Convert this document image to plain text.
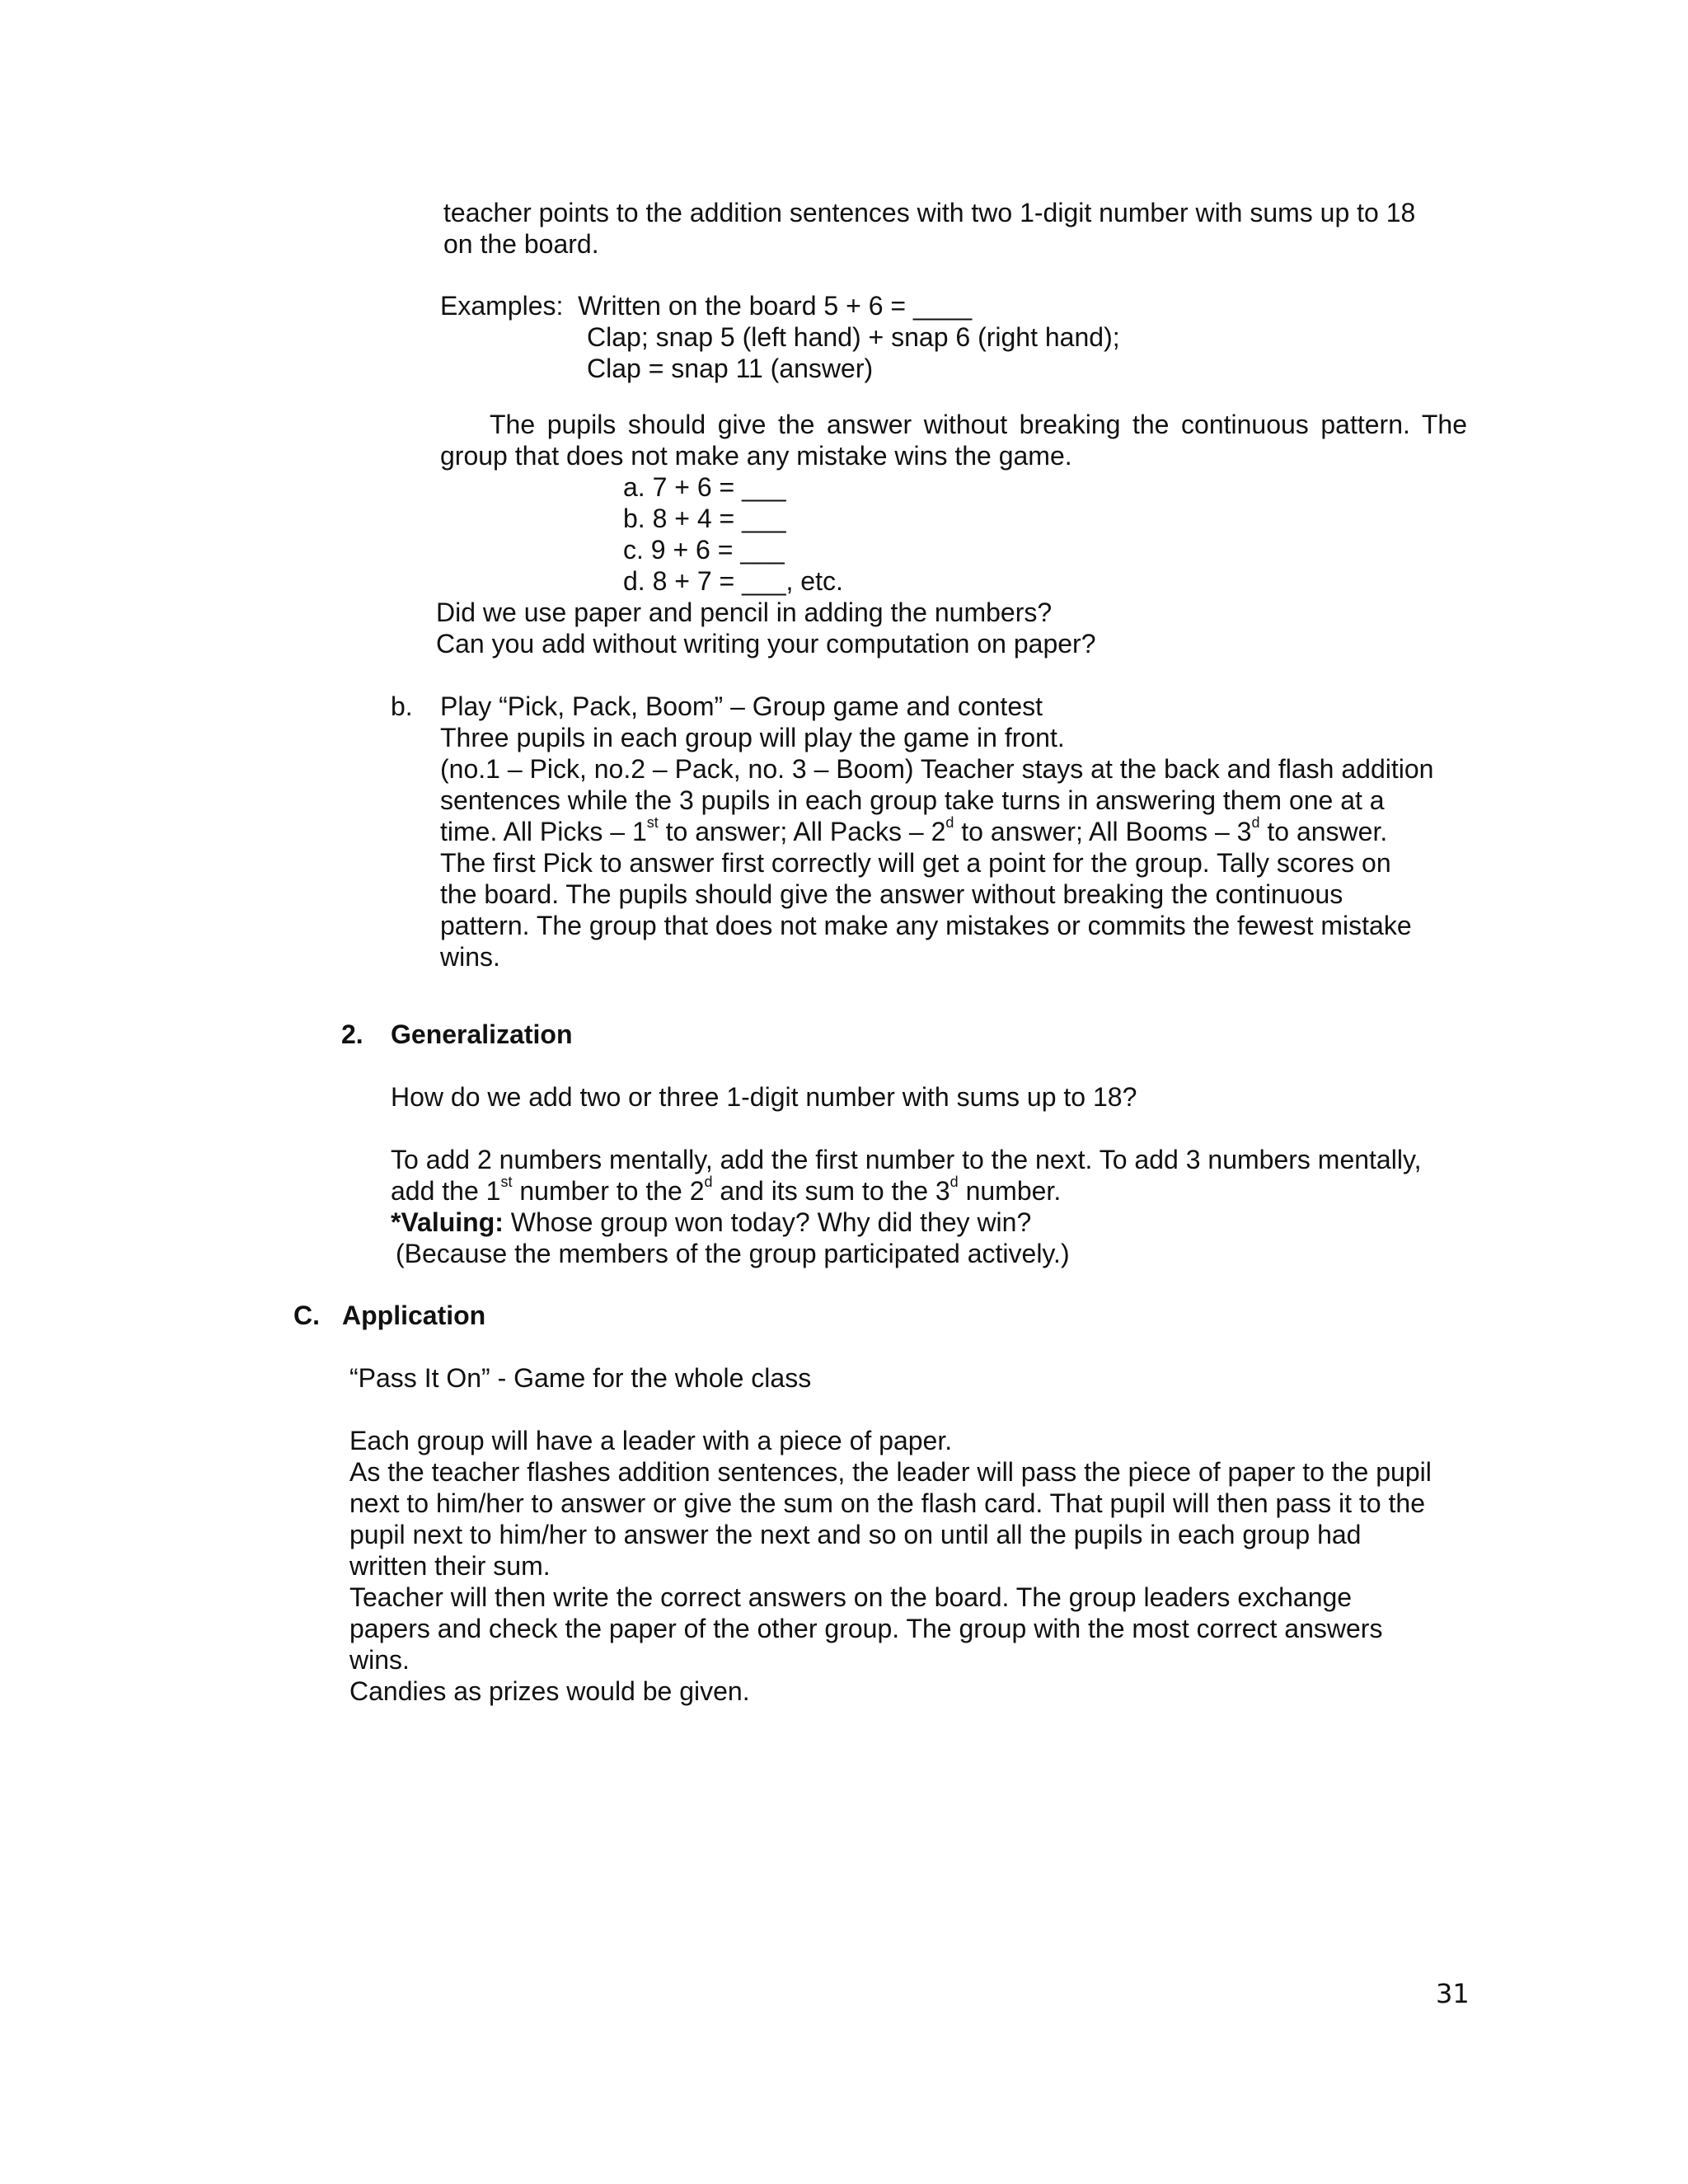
teacher points to the addition sentences with two 1-digit number with sums up to 18
on the board.
Examples:  Written on the board 5 + 6 = ____
Clap; snap 5 (left hand) + snap 6 (right hand);
Clap = snap 11 (answer)
The pupils should give the answer without breaking the continuous pattern. The
group that does not make any mistake wins the game.
a. 7 + 6 = ___
b. 8 + 4 = ___
c. 9 + 6 = ___
d. 8 + 7 = ___, etc.
Did we use paper and pencil in adding the numbers?
Can you add without writing your computation on paper?
b. Play “Pick, Pack, Boom” – Group game and contest
Three pupils in each group will play the game in front.
(no.1 – Pick, no.2 – Pack, no. 3 – Boom) Teacher stays at the back and flash addition
sentences while the 3 pupils in each group take turns in answering them one at a
time. All Picks – 1st to answer; All Packs – 2$^d$ to answer; All Booms – 3$^d$ to answer.
The first Pick to answer first correctly will get a point for the group. Tally scores on
the board. The pupils should give the answer without breaking the continuous
pattern. The group that does not make any mistakes or commits the fewest mistake
wins.
2. Generalization
How do we add two or three 1-digit number with sums up to 18?
To add 2 numbers mentally, add the first number to the next. To add 3 numbers mentally,
add the 1st number to the 2$^d$ and its sum to the 3$^d$ number.
*Valuing: Whose group won today? Why did they win?
(Because the members of the group participated actively.)
C. Application
“Pass It On” - Game for the whole class
Each group will have a leader with a piece of paper.
As the teacher flashes addition sentences, the leader will pass the piece of paper to the pupil
next to him/her to answer or give the sum on the flash card. That pupil will then pass it to the
pupil next to him/her to answer the next and so on until all the pupils in each group had
written their sum.
Teacher will then write the correct answers on the board. The group leaders exchange
papers and check the paper of the other group. The group with the most correct answers
wins.
Candies as prizes would be given.
31
